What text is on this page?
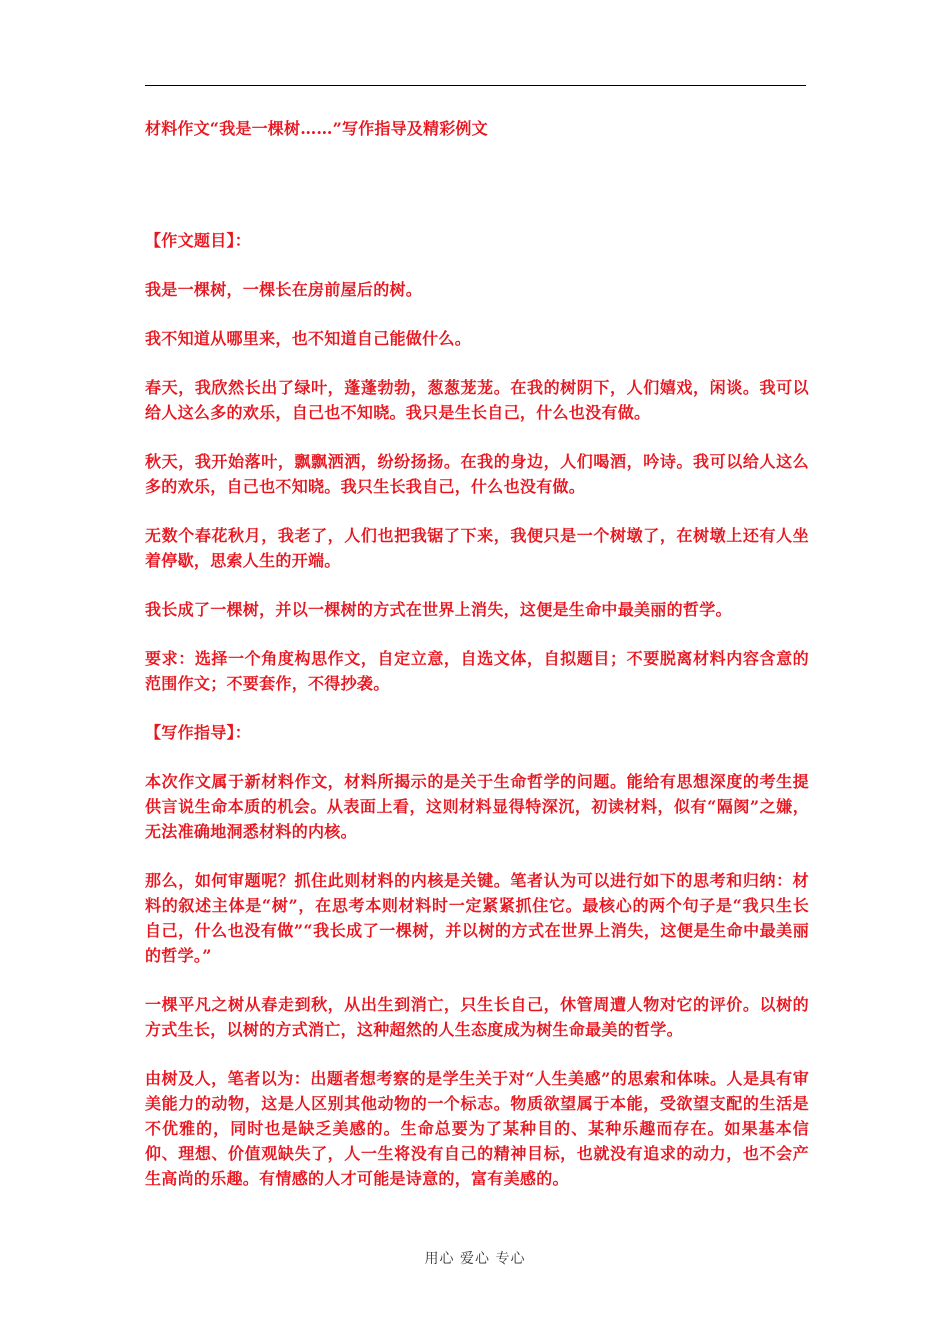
材料作文“我是一棵树……”写作指导及精彩例文

【作文题目】：

我是一棵树，一棵长在房前屋后的树。

我不知道从哪里来，也不知道自己能做什么。

春天，我欣然长出了绿叶，蓬蓬勃勃，葱葱茏茏。在我的树阴下，人们嬉戏，闲谈。我可以给人这么多的欢乐，自己也不知晓。我只是生长自己，什么也没有做。

秋天，我开始落叶，飘飘洒洒，纷纷扬扬。在我的身边，人们喝酒，吟诗。我可以给人这么多的欢乐，自己也不知晓。我只生长我自己，什么也没有做。

无数个春花秋月，我老了，人们也把我锯了下来，我便只是一个树墩了，在树墩上还有人坐着停歇，思索人生的开端。

我长成了一棵树，并以一棵树的方式在世界上消失，这便是生命中最美丽的哲学。

要求：选择一个角度构思作文，自定立意，自选文体，自拟题目；不要脱离材料内容含意的范围作文；不要套作，不得抄袭。

【写作指导】：

本次作文属于新材料作文，材料所揭示的是关于生命哲学的问题。能给有思想深度的考生提供言说生命本质的机会。从表面上看，这则材料显得特深沉，初读材料，似有“隔阂”之嫌，无法准确地洞悉材料的内核。

那么，如何审题呢？抓住此则材料的内核是关键。笔者认为可以进行如下的思考和归纳：材料的叙述主体是“树”，在思考本则材料时一定紧紧抓住它。最核心的两个句子是“我只生长自己，什么也没有做”“我长成了一棵树，并以树的方式在世界上消失，这便是生命中最美丽的哲学。”

一棵平凡之树从春走到秋，从出生到消亡，只生长自己，休管周遭人物对它的评价。以树的方式生长，以树的方式消亡，这种超然的人生态度成为树生命最美的哲学。

由树及人，笔者以为：出题者想考察的是学生关于对“人生美感”的思索和体味。人是具有审美能力的动物，这是人区别其他动物的一个标志。物质欲望属于本能，受欲望支配的生活是不优雅的，同时也是缺乏美感的。生命总要为了某种目的、某种乐趣而存在。如果基本信仰、理想、价值观缺失了，人一生将没有自己的精神目标，也就没有追求的动力，也不会产生高尚的乐趣。有情感的人才可能是诗意的，富有美感的。

用心 爱心 专心
